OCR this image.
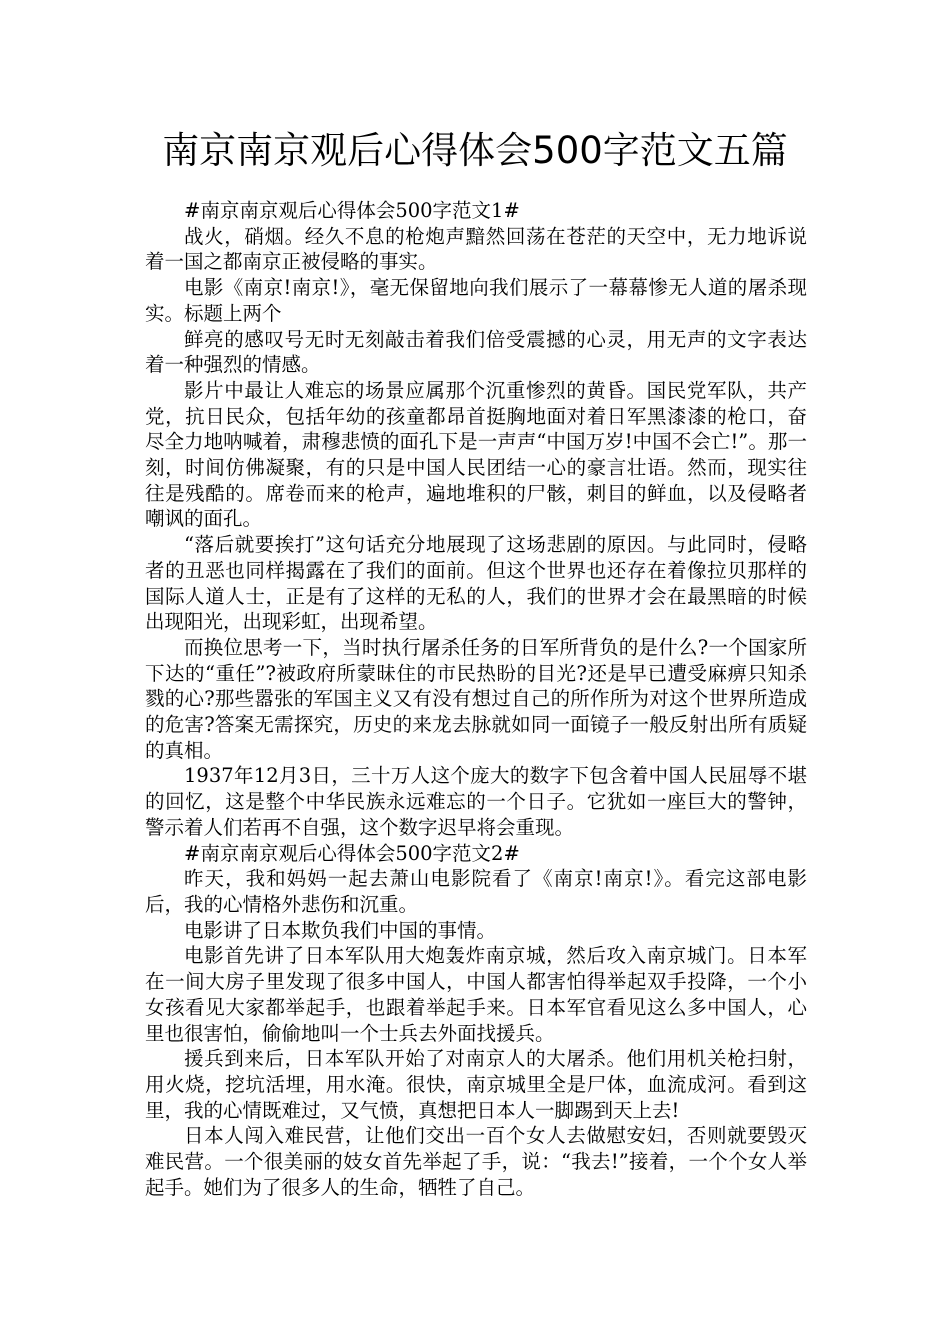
南京南京观后心得体会500字范文五篇

#南京南京观后心得体会500字范文1#

战火，硝烟。经久不息的枪炮声黯然回荡在苍茫的天空中，无力地诉说着一国之都南京正被侵略的事实。

电影《南京!南京!》，毫无保留地向我们展示了一幕幕惨无人道的屠杀现实。标题上两个

鲜亮的感叹号无时无刻敲击着我们倍受震撼的心灵，用无声的文字表达着一种强烈的情感。

影片中最让人难忘的场景应属那个沉重惨烈的黄昏。国民党军队，共产党，抗日民众，包括年幼的孩童都昂首挺胸地面对着日军黑漆漆的枪口，奋尽全力地呐喊着，肃穆悲愤的面孔下是一声声“中国万岁!中国不会亡!”。那一刻，时间仿佛凝聚，有的只是中国人民团结一心的豪言壮语。然而，现实往往是残酷的。席卷而来的枪声，遍地堆积的尸骸，刺目的鲜血，以及侵略者嘲讽的面孔。

“落后就要挨打”这句话充分地展现了这场悲剧的原因。与此同时，侵略者的丑恶也同样揭露在了我们的面前。但这个世界也还存在着像拉贝那样的国际人道人士，正是有了这样的无私的人，我们的世界才会在最黑暗的时候出现阳光，出现彩虹，出现希望。

而换位思考一下，当时执行屠杀任务的日军所背负的是什么?一个国家所下达的“重任”?被政府所蒙昧住的市民热盼的目光?还是早已遭受麻痹只知杀戮的心?那些嚣张的军国主义又有没有想过自己的所作所为对这个世界所造成的危害?答案无需探究，历史的来龙去脉就如同一面镜子一般反射出所有质疑的真相。

1937年12月3日，三十万人这个庞大的数字下包含着中国人民屈辱不堪的回忆，这是整个中华民族永远难忘的一个日子。它犹如一座巨大的警钟，警示着人们若再不自强，这个数字迟早将会重现。

#南京南京观后心得体会500字范文2#

昨天，我和妈妈一起去萧山电影院看了《南京!南京!》。看完这部电影后，我的心情格外悲伤和沉重。

电影讲了日本欺负我们中国的事情。

电影首先讲了日本军队用大炮轰炸南京城，然后攻入南京城门。日本军在一间大房子里发现了很多中国人，中国人都害怕得举起双手投降，一个小女孩看见大家都举起手，也跟着举起手来。日本军官看见这么多中国人，心里也很害怕，偷偷地叫一个士兵去外面找援兵。

援兵到来后，日本军队开始了对南京人的大屠杀。他们用机关枪扫射，用火烧，挖坑活埋，用水淹。很快，南京城里全是尸体，血流成河。看到这里，我的心情既难过，又气愤，真想把日本人一脚踢到天上去!

日本人闯入难民营，让他们交出一百个女人去做慰安妇，否则就要毁灭难民营。一个很美丽的妓女首先举起了手，说：“我去!”接着，一个个女人举起手。她们为了很多人的生命，牺牲了自己。
